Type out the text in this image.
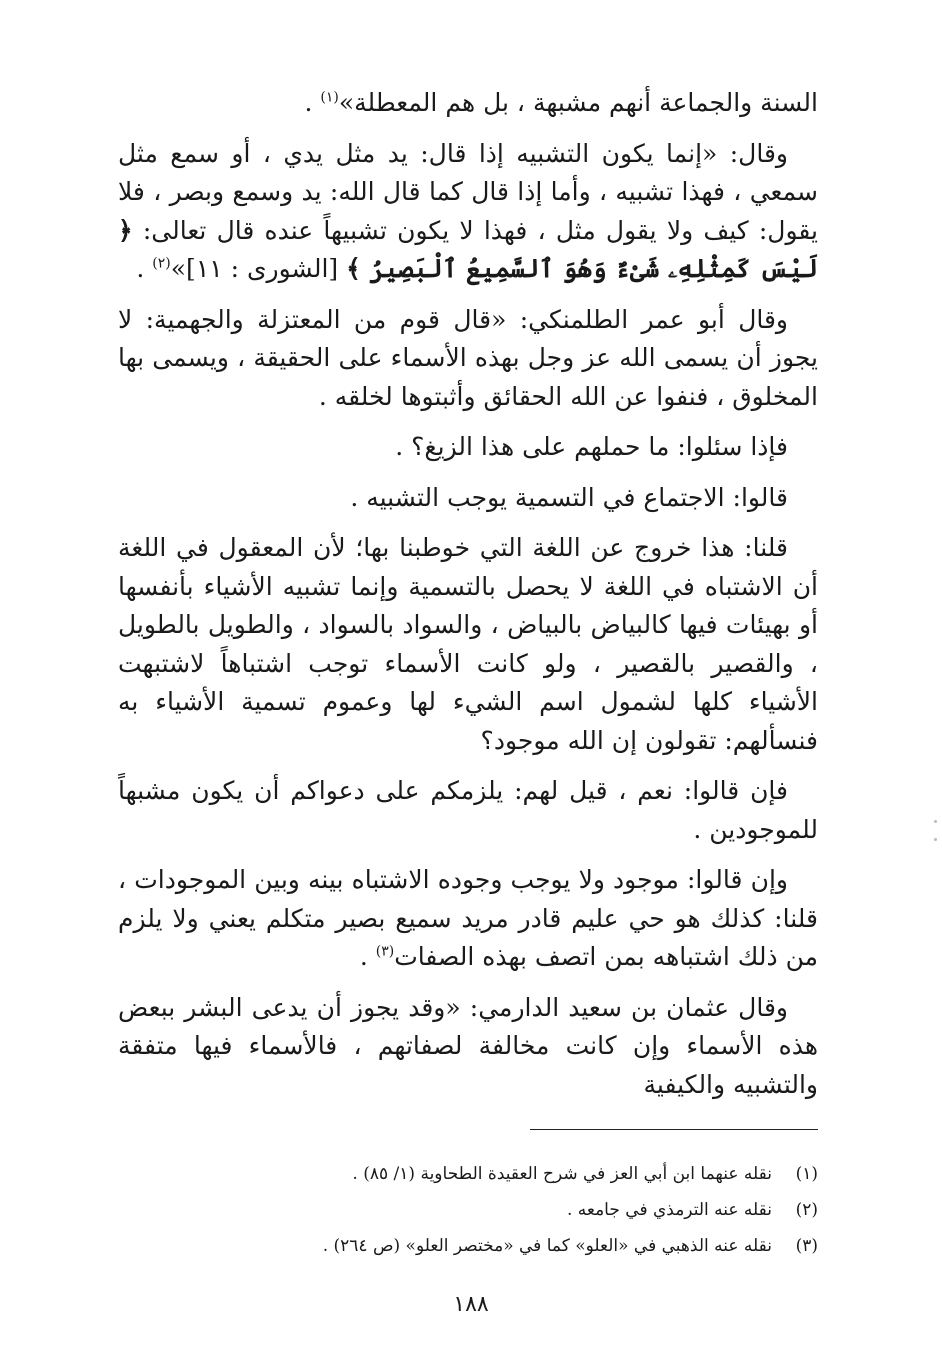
السنة والجماعة أنهم مشبهة ، بل هم المعطلة»$^{(١)}$ .

وقال: «إنما يكون التشبيه إذا قال: يد مثل يدي ، أو سمع مثل سمعي ، فهذا تشبيه ، وأما إذا قال كما قال الله: يد وسمع وبصر ، فلا يقول: كيف ولا يقول مثل ، فهذا لا يكون تشبيهاً عنده قال تعالى: ﴿ لَيْسَ كَمِثْلِهِۦ شَىْءٌ وَهُوَ ٱلسَّمِيعُ ٱلْبَصِيرُ ﴾ [الشورى : ١١]»$^{(٢)}$ .

وقال أبو عمر الطلمنكي: «قال قوم من المعتزلة والجهمية: لا يجوز أن يسمى الله عز وجل بهذه الأسماء على الحقيقة ، ويسمى بها المخلوق ، فنفوا عن الله الحقائق وأثبتوها لخلقه .

فإذا سئلوا: ما حملهم على هذا الزيغ؟ .

قالوا: الاجتماع في التسمية يوجب التشبيه .

قلنا: هذا خروج عن اللغة التي خوطبنا بها؛ لأن المعقول في اللغة أن الاشتباه في اللغة لا يحصل بالتسمية وإنما تشبيه الأشياء بأنفسها أو بهيئات فيها كالبياض بالبياض ، والسواد بالسواد ، والطويل بالطويل ، والقصير بالقصير ، ولو كانت الأسماء توجب اشتباهاً لاشتبهت الأشياء كلها لشمول اسم الشيء لها وعموم تسمية الأشياء به فنسألهم: تقولون إن الله موجود؟

فإن قالوا: نعم ، قيل لهم: يلزمكم على دعواكم أن يكون مشبهاً للموجودين .

وإن قالوا: موجود ولا يوجب وجوده الاشتباه بينه وبين الموجودات ، قلنا: كذلك هو حي عليم قادر مريد سميع بصير متكلم يعني ولا يلزم من ذلك اشتباهه بمن اتصف بهذه الصفات$^{(٣)}$ .

وقال عثمان بن سعيد الدارمي: «وقد يجوز أن يدعى البشر ببعض هذه الأسماء وإن كانت مخالفة لصفاتهم ، فالأسماء فيها متفقة والتشبيه والكيفية

(١)نقله عنهما ابن أبي العز في شرح العقيدة الطحاوية (١/ ٨٥) .
(٢)نقله عنه الترمذي في جامعه .
(٣)نقله عنه الذهبي في «العلو» كما في «مختصر العلو» (ص ٢٦٤) .
١٨٨
